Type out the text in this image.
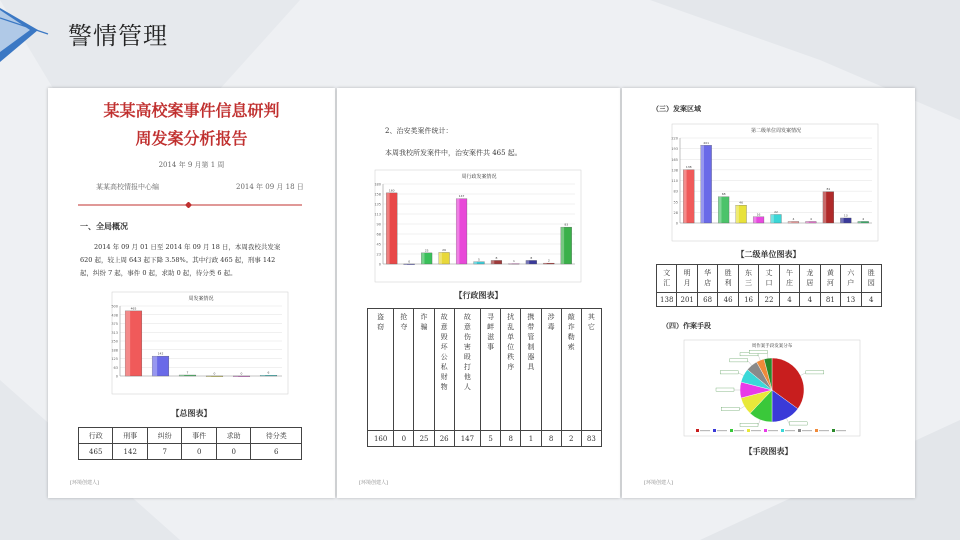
警情管理
某某高校案事件信息研判
周发案分析报告
2014 年 9 月第 1 周
某某高校情报中心编	2014 年 09 月 18 日
一、全局概况
2014 年 09 月 01 日至 2014 年 09 月 18 日，本周我校共发案
620 起，较上周 643 起下降 3.58%。其中行政 465 起，刑事 142
起，纠纷 7 起，事件 0 起，求助 0 起，待分类 6 起。
周发案情况
0
63
125
188
250
313
375
438
500	465
142
7	0	0	6
【总图表】
行政	刑事	纠纷	事件	求助	待分类
465	142	7	0	0	6
[环境创建人]
2、治安类案件统计：
本周我校所发案件中，治安案件共 465 起。
周行政发案情况
0
23
45
68
90
113
135
158
180
160
0
25	26
147
5	8
1
8
2
83
【行政图表】
盗窃	抢夺	诈骗	故意毁坏公私财物	故意伤害殴打他人	寻衅滋事	扰乱单位秩序	携带管制器具	涉毒	敲诈勒索	其它
160	0	25	26	147	5	8	1	8	2	83
[环境创建人]
（三）发案区域
第二级单位周发案情况
0
28
55
83
110
138
165
193
220
138
201
68
46
16
22
4	4
81
13
4
【二级单位图表】
文汇	明月	华店	胜利	东三	丈口	午庄	龙居	黄河	六户	胜园
138	201	68	46	16	22	4	4	81	13	4
（四）作案手段
周作案手段发案分布
【手段图表】
[环境创建人]
